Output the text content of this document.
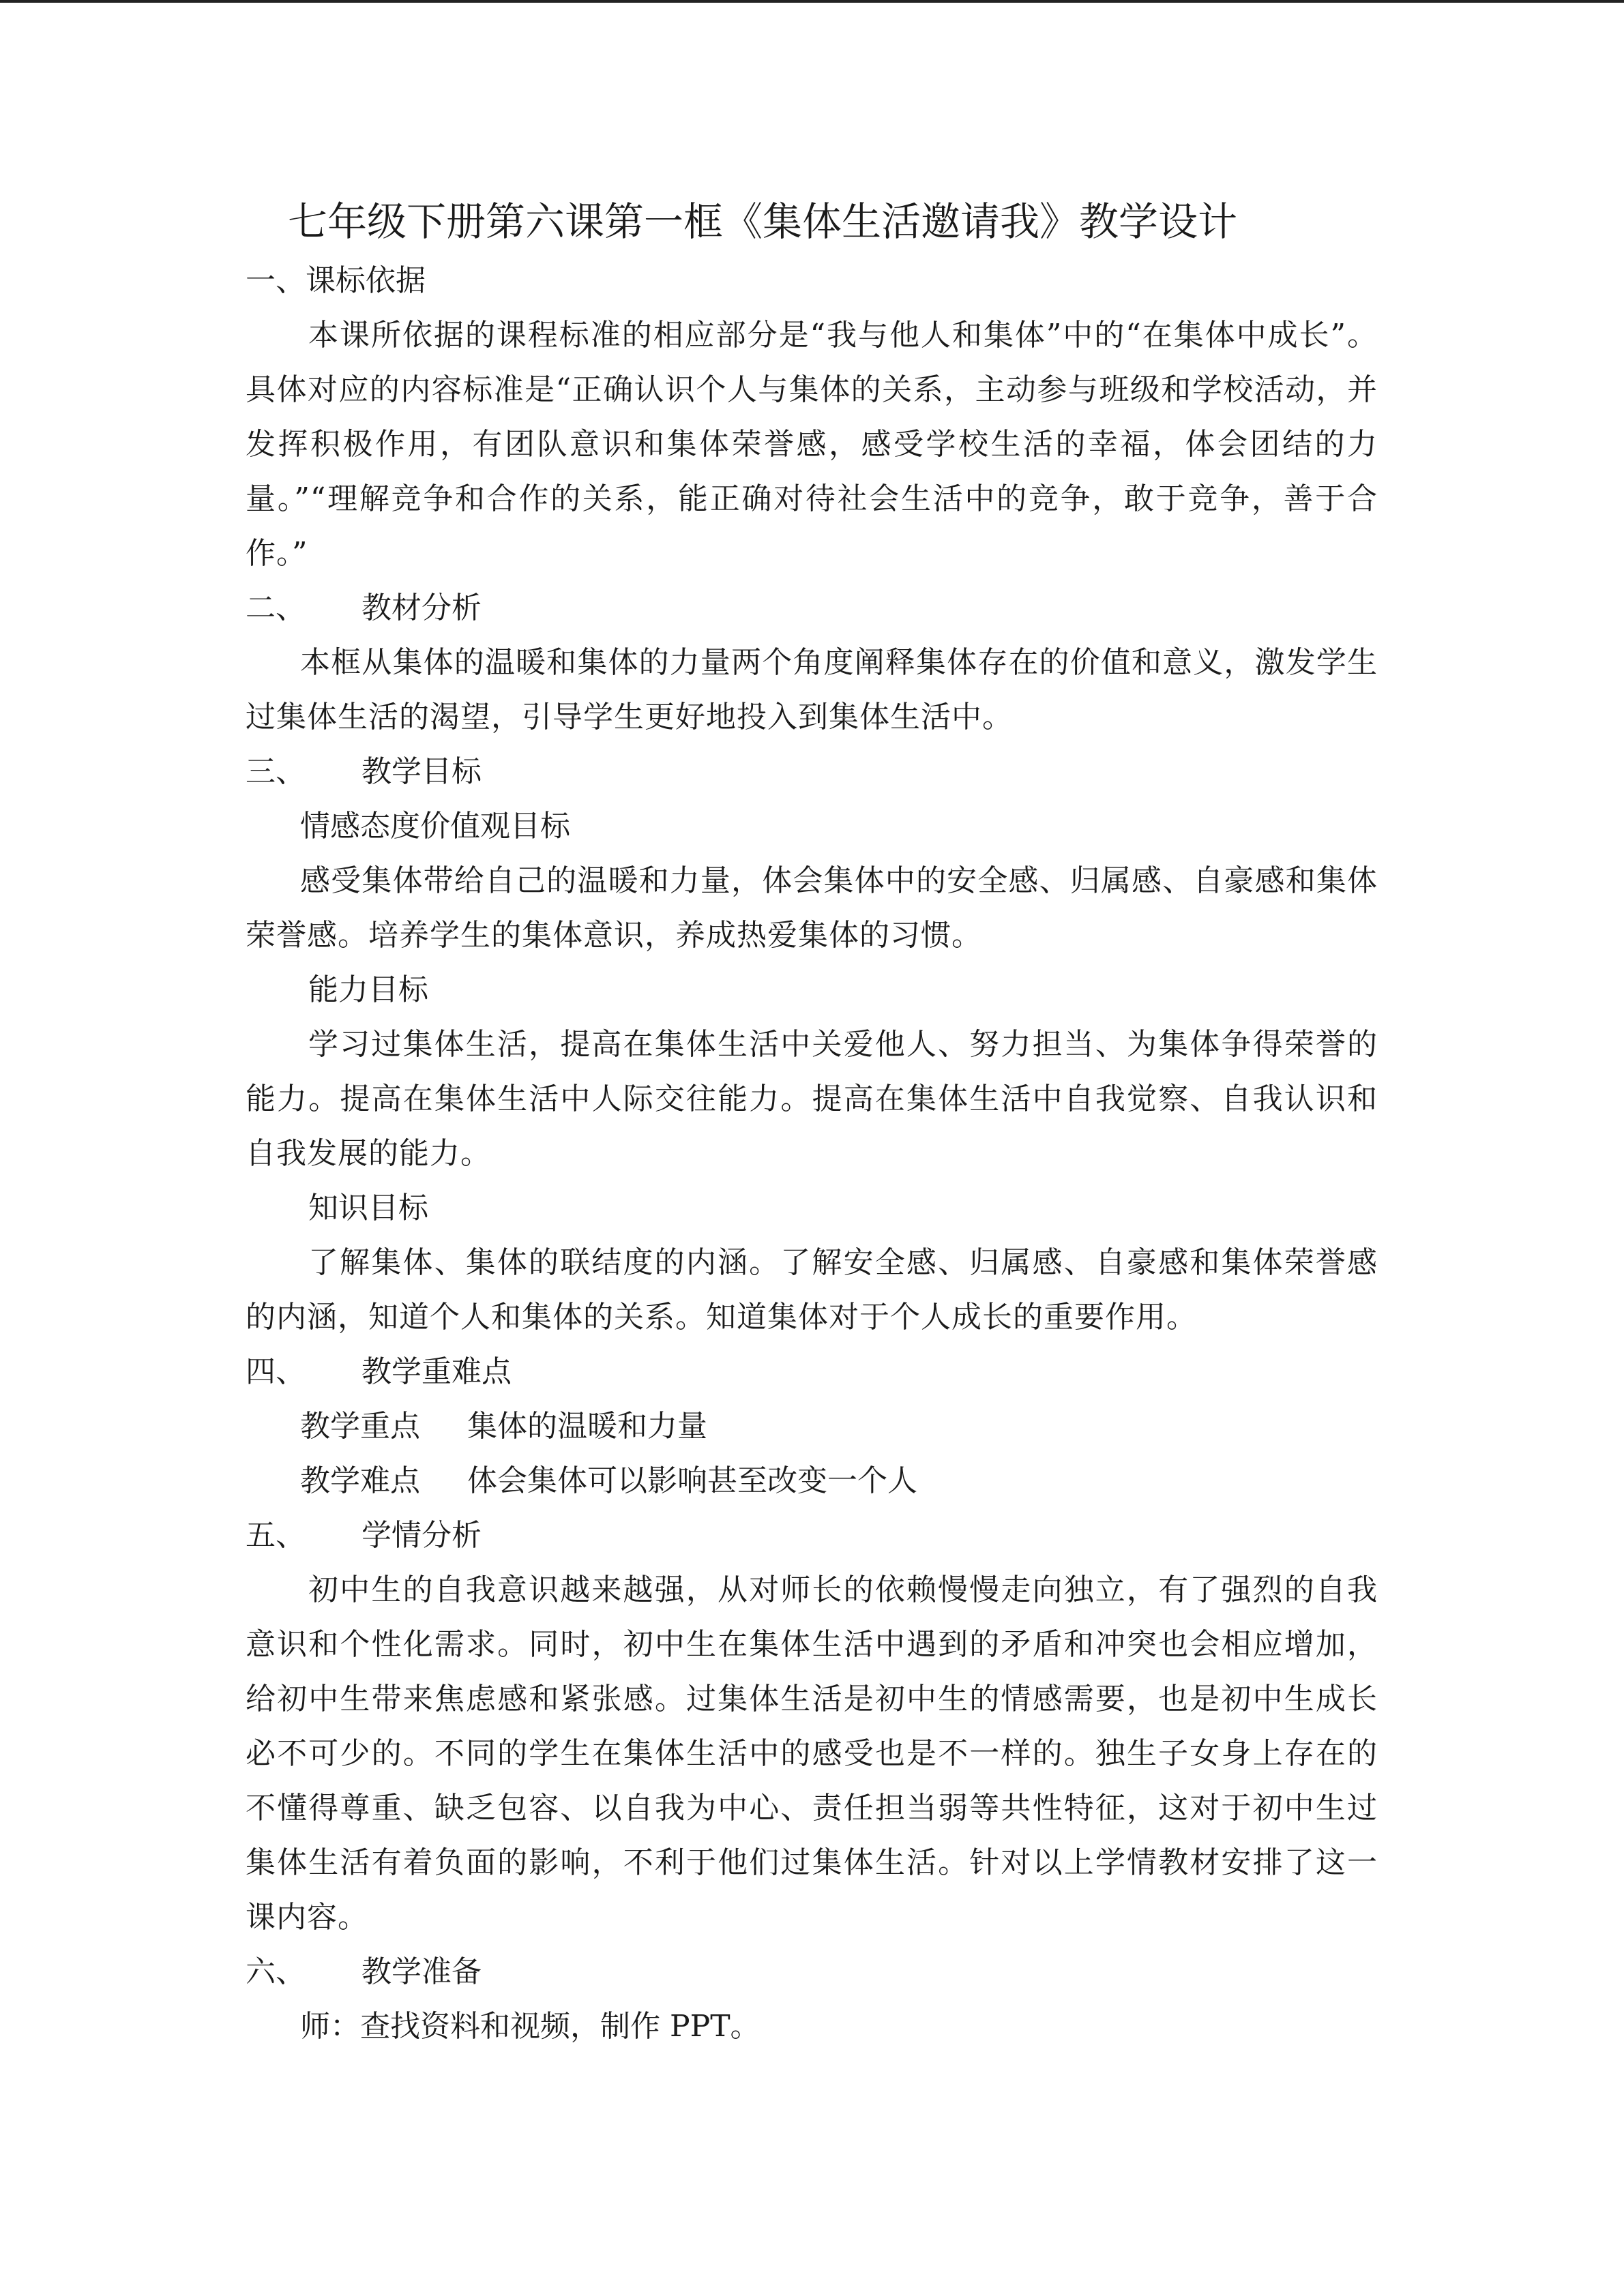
七年级下册第六课第一框《集体生活邀请我》教学设计

一、课标依据

本课所依据的课程标准的相应部分是“我与他人和集体”中的“在集体中成长”。具体对应的内容标准是“正确认识个人与集体的关系，主动参与班级和学校活动，并发挥积极作用，有团队意识和集体荣誉感，感受学校生活的幸福，体会团结的力量。”“理解竞争和合作的关系，能正确对待社会生活中的竞争，敢于竞争，善于合作。”

二、 教材分析

本框从集体的温暖和集体的力量两个角度阐释集体存在的价值和意义，激发学生过集体生活的渴望，引导学生更好地投入到集体生活中。

三、 教学目标

情感态度价值观目标

感受集体带给自己的温暖和力量，体会集体中的安全感、归属感、自豪感和集体荣誉感。培养学生的集体意识，养成热爱集体的习惯。

能力目标

学习过集体生活，提高在集体生活中关爱他人、努力担当、为集体争得荣誉的能力。提高在集体生活中人际交往能力。提高在集体生活中自我觉察、自我认识和自我发展的能力。

知识目标

了解集体、集体的联结度的内涵。了解安全感、归属感、自豪感和集体荣誉感的内涵，知道个人和集体的关系。知道集体对于个人成长的重要作用。

四、 教学重难点

教学重点 集体的温暖和力量

教学难点 体会集体可以影响甚至改变一个人

五、 学情分析

初中生的自我意识越来越强，从对师长的依赖慢慢走向独立，有了强烈的自我意识和个性化需求。同时，初中生在集体生活中遇到的矛盾和冲突也会相应增加，给初中生带来焦虑感和紧张感。过集体生活是初中生的情感需要，也是初中生成长必不可少的。不同的学生在集体生活中的感受也是不一样的。独生子女身上存在的不懂得尊重、缺乏包容、以自我为中心、责任担当弱等共性特征，这对于初中生过集体生活有着负面的影响，不利于他们过集体生活。针对以上学情教材安排了这一课内容。

六、 教学准备

师：查找资料和视频，制作 PPT。
